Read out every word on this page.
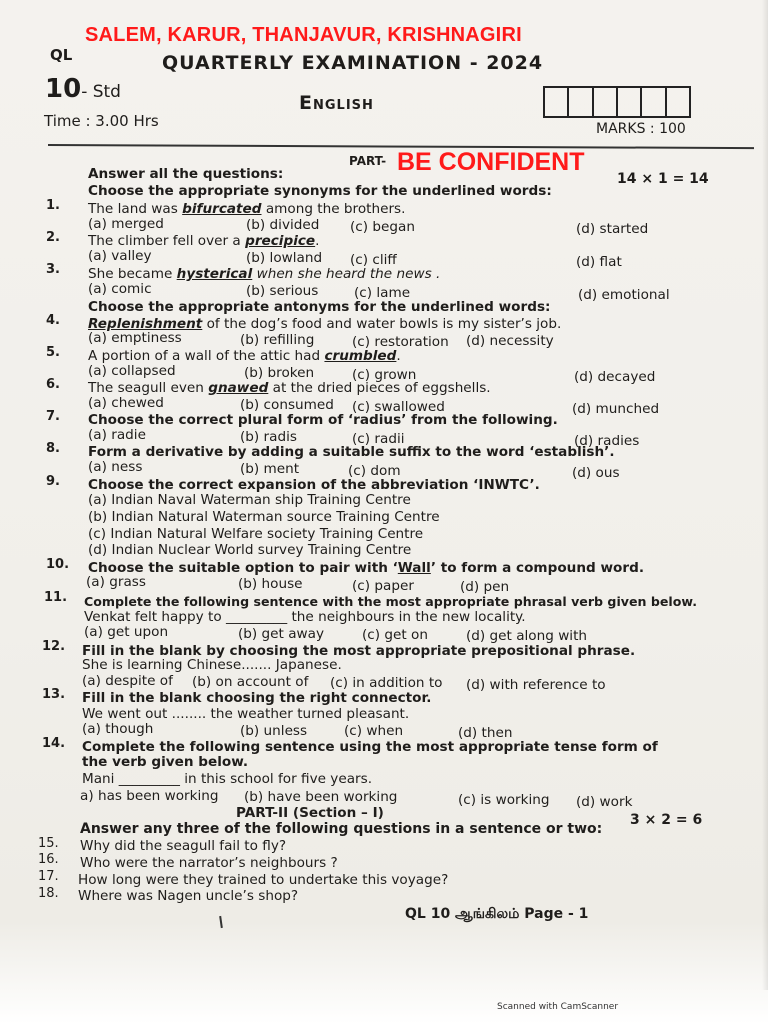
SALEM, KARUR, THANJAVUR, KRISHNAGIRI
QL	QUARTERLY EXAMINATION - 2024
10- Std	English
Time : 3.00 Hrs	MARKS : 100
PART- BE CONFIDENT
14 × 1 = 14
Answer all the questions:
Choose the appropriate synonyms for the underlined words:
1. The land was bifurcated among the brothers.
(a) merged	(b) divided (c) began	(d) started
2. The climber fell over a precipice.
(a) valley	(b) lowland (c) cliff	(d) flat
3. She became hysterical when she heard the news .
(a) comic	(b) serious	(c) lame	(d) emotional
Choose the appropriate antonyms for the underlined words:
4. Replenishment of the dog’s food and water bowls is my sister’s job.
(a) emptiness	(b) refilling	(c) restoration (d) necessity
5. A portion of a wall of the attic had crumbled.
(a) collapsed	(b) broken	(c) grown	(d) decayed
6. The seagull even gnawed at the dried pieces of eggshells.
(a) chewed	(b) consumed (c) swallowed	(d) munched
7. Choose the correct plural form of ‘radius’ from the following.
(a) radie	(b) radis	(c) radii	(d) radies
8. Form a derivative by adding a suitable suffix to the word ‘establish’.
(a) ness	(b) ment	(c) dom	(d) ous
9. Choose the correct expansion of the abbreviation ‘INWTC’.
(a) Indian Naval Waterman ship Training Centre
(b) Indian Natural Waterman source Training Centre
(c) Indian Natural Welfare society Training Centre
(d) Indian Nuclear World survey Training Centre
10. Choose the suitable option to pair with ‘Wall’ to form a compound word.
(a) grass	(b) house	(c) paper	(d) pen
11. Complete the following sentence with the most appropriate phrasal verb given below.
Venkat felt happy to _________ the neighbours in the new locality.
(a) get upon	(b) get away	(c) get on	(d) get along with
12. Fill in the blank by choosing the most appropriate prepositional phrase.
She is learning Chinese....... Japanese.
(a) despite of (b) on account of (c) in addition to (d) with reference to
13. Fill in the blank choosing the right connector.
We went out ........ the weather turned pleasant.
(a) though	(b) unless	(c) when	(d) then
14. Complete the following sentence using the most appropriate tense form of
the verb given below.
Mani _________ in this school for five years.
a) has been working (b) have been working	(c) is working (d) work
PART-II (Section – I)	3 × 2 = 6
Answer any three of the following questions in a sentence or two:
15. Why did the seagull fail to fly?
16. Who were the narrator’s neighbours ?
17. How long were they trained to undertake this voyage?
18. Where was Nagen uncle’s shop?
QL 10 ஆங்கிலம் Page - 1
Scanned with CamScanner
